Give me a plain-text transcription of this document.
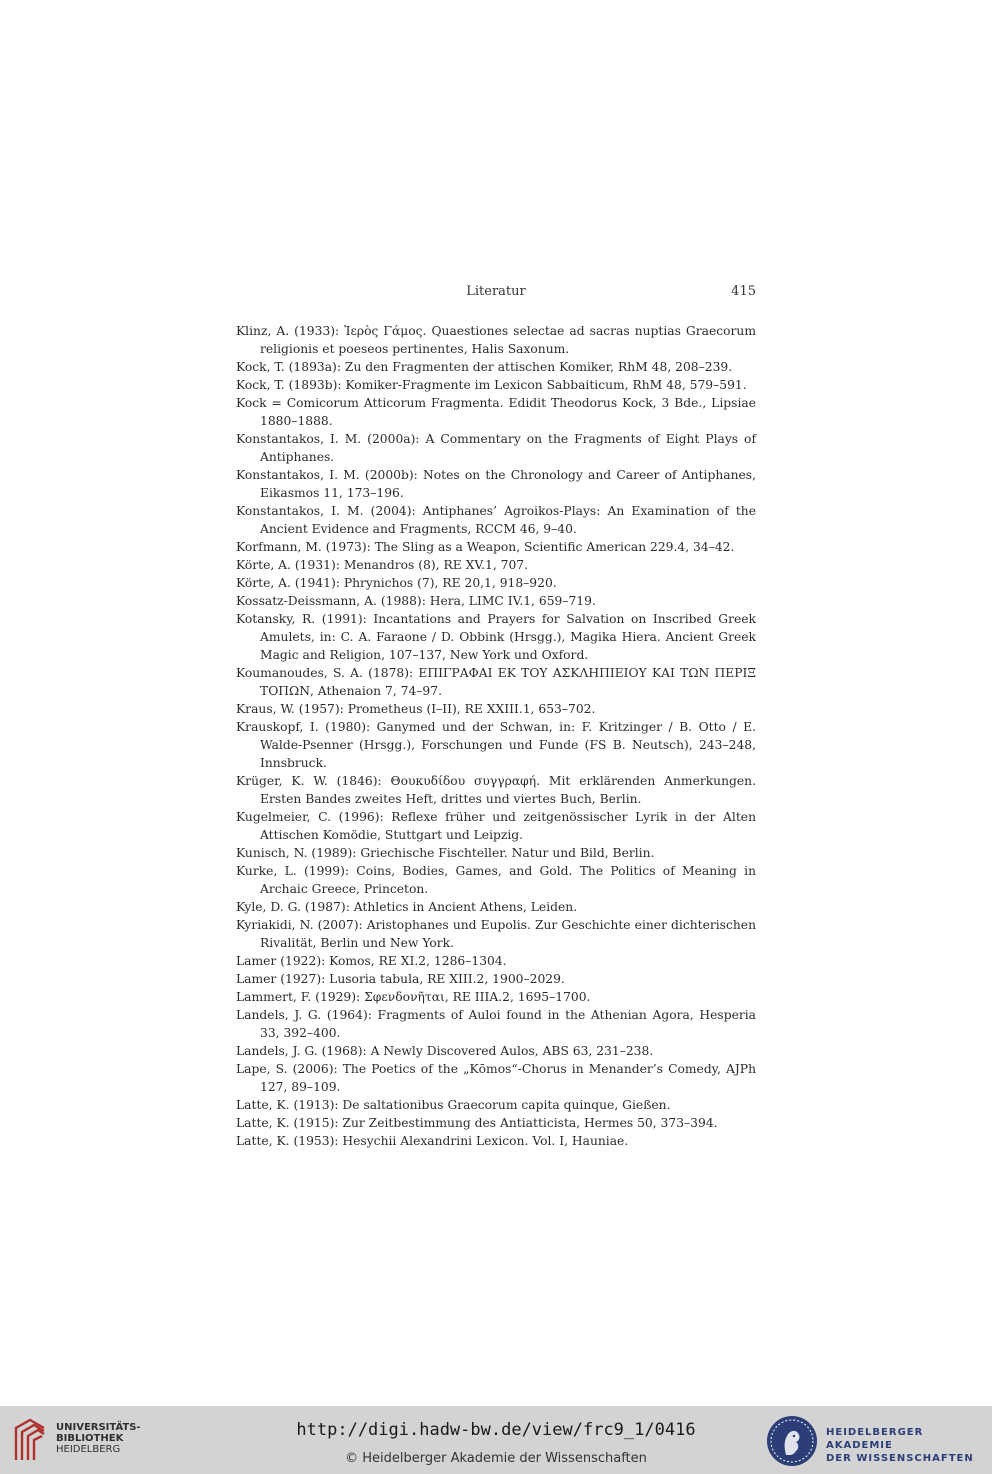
Literatur	415
Klinz, A. (1933): Ἱερὸς Γάμος. Quaestiones selectae ad sacras nuptias Graecorum religionis et poeseos pertinentes, Halis Saxonum.
Kock, T. (1893a): Zu den Fragmenten der attischen Komiker, RhM 48, 208–239.
Kock, T. (1893b): Komiker-Fragmente im Lexicon Sabbaiticum, RhM 48, 579–591.
Kock = Comicorum Atticorum Fragmenta. Edidit Theodorus Kock, 3 Bde., Lipsiae 1880–1888.
Konstantakos, I. M. (2000a): A Commentary on the Fragments of Eight Plays of Antiphanes.
Konstantakos, I. M. (2000b): Notes on the Chronology and Career of Antiphanes, Eikasmos 11, 173–196.
Konstantakos, I. M. (2004): Antiphanes’ Agroikos-Plays: An Examination of the Ancient Evidence and Fragments, RCCM 46, 9–40.
Korfmann, M. (1973): The Sling as a Weapon, Scientific American 229.4, 34–42.
Körte, A. (1931): Menandros (8), RE XV.1, 707.
Körte, A. (1941): Phrynichos (7), RE 20,1, 918–920.
Kossatz-Deissmann, A. (1988): Hera, LIMC IV.1, 659–719.
Kotansky, R. (1991): Incantations and Prayers for Salvation on Inscribed Greek Amulets, in: C. A. Faraone / D. Obbink (Hrsgg.), Magika Hiera. Ancient Greek Magic and Religion, 107–137, New York und Oxford.
Koumanoudes, S. A. (1878): ΕΠΙΓΡΑΦΑΙ ΕΚ ΤΟΥ ΑΣΚΛΗΠΙΕΙΟΥ ΚΑΙ ΤΩΝ ΠΕΡΙΞ ΤΟΠΩΝ, Athenaion 7, 74–97.
Kraus, W. (1957): Prometheus (I–II), RE XXIII.1, 653–702.
Krauskopf, I. (1980): Ganymed und der Schwan, in: F. Kritzinger / B. Otto / E. Walde-Psenner (Hrsgg.), Forschungen und Funde (FS B. Neutsch), 243–248, Innsbruck.
Krüger, K. W. (1846): Θουκυδίδου συγγραφή. Mit erklärenden Anmerkungen. Ersten Bandes zweites Heft, drittes und viertes Buch, Berlin.
Kugelmeier, C. (1996): Reflexe früher und zeitgenössischer Lyrik in der Alten Attischen Komödie, Stuttgart und Leipzig.
Kunisch, N. (1989): Griechische Fischteller. Natur und Bild, Berlin.
Kurke, L. (1999): Coins, Bodies, Games, and Gold. The Politics of Meaning in Archaic Greece, Princeton.
Kyle, D. G. (1987): Athletics in Ancient Athens, Leiden.
Kyriakidi, N. (2007): Aristophanes und Eupolis. Zur Geschichte einer dichterischen Rivalität, Berlin und New York.
Lamer (1922): Komos, RE XI.2, 1286–1304.
Lamer (1927): Lusoria tabula, RE XIII.2, 1900–2029.
Lammert, F. (1929): Σφενδονῆται, RE IIIA.2, 1695–1700.
Landels, J. G. (1964): Fragments of Auloi found in the Athenian Agora, Hesperia 33, 392–400.
Landels, J. G. (1968): A Newly Discovered Aulos, ABS 63, 231–238.
Lape, S. (2006): The Poetics of the „Kōmos“-Chorus in Menander’s Comedy, AJPh 127, 89–109.
Latte, K. (1913): De saltationibus Graecorum capita quinque, Gießen.
Latte, K. (1915): Zur Zeitbestimmung des Antiatticista, Hermes 50, 373–394.
Latte, K. (1953): Hesychii Alexandrini Lexicon. Vol. I, Hauniae.
UNIVERSITÄTS-
BIBLIOTHEK
HEIDELBERG
http://digi.hadw-bw.de/view/frc9_1/0416
© Heidelberger Akademie der Wissenschaften
HEIDELBERGER AKADEMIE
DER WISSENSCHAFTEN
